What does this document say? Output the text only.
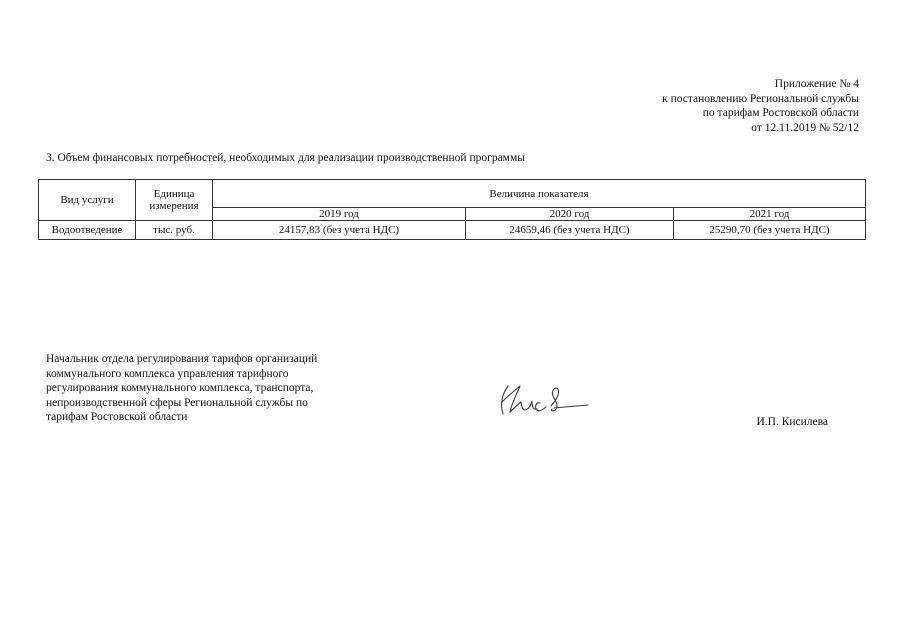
Приложение № 4
к постановлению Региональной службы
по тарифам Ростовской области
от 12.11.2019 № 52/12
3. Объем финансовых потребностей, необходимых для реализации производственной программы
Вид услуги	Единица измерения	Величина показателя		
		2019 год	2020 год	2021 год
Водоотведение	тыс. руб.	24157,83 (без учета НДС)	24659,46 (без учета НДС)	25290,70 (без учета НДС)
Начальник отдела регулирования тарифов организаций
коммунального комплекса управления тарифного
регулирования коммунального комплекса, транспорта,
непроизводственной сферы Региональной службы по
тарифам Ростовской области	И.П. Кисилева
